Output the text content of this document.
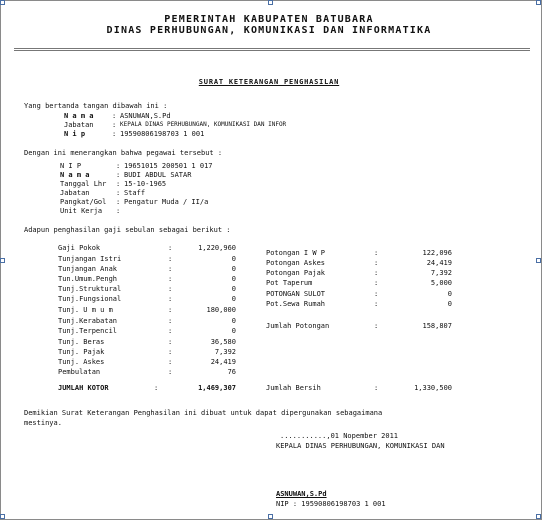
PEMERINTAH KABUPATEN BATUBARA
DINAS PERHUBUNGAN, KOMUNIKASI DAN INFORMATIKA
SURAT KETERANGAN PENGHASILAN
Yang bertanda tangan dibawah ini :
N a m a	: ASNUWAN,S.Pd
Jabatan	: KEPALA DINAS PERHUBUNGAN, KOMUNIKASI DAN INFOR
N i p	: 19590806198703 1 001
Dengan ini menerangkan bahwa pegawai tersebut :
N I P	: 19651015 200501 1 017
N a m a	: BUDI ABDUL SATAR
Tanggal Lhr : 15-10-1965
Jabatan	: Staff
Pangkat/Gol : Pengatur Muda / II/a
Unit Kerja :
Adapun penghasilan gaji sebulan sebagai berikut :
Gaji Pokok	:	1,220,960
Tunjangan Istri	:	0
Tunjangan Anak	:	0
Tun.Umum.Pengh	:	0
Tunj.Struktural	:	0
Tunj.Fungsional	:	0
Tunj. U m u m	:	180,000
Tunj.Kerabatan	:	0
Tunj.Terpencil	:	0
Tunj. Beras	:	36,580
Tunj. Pajak	:	7,392
Tunj. Askes	:	24,419
Pembulatan	:	76
JUMLAH KOTOR	:	1,469,307
Potongan I W P	:	122,096
Potongan Askes	:	24,419
Potongan Pajak	:	7,392
Pot Taperum	:	5,000
POTONGAN SULOT	:	0
Pot.Sewa Rumah	:	0
Jumlah Potongan	:	158,807
Jumlah Bersih	:	1,330,500
Demikian Surat Keterangan Penghasilan ini dibuat untuk dapat dipergunakan sebagaimana
mestinya.
...........,01 Nopember 2011
KEPALA DINAS PERHUBUNGAN, KOMUNIKASI DAN
ASNUWAN,S.Pd
NIP : 19590806198703 1 001
